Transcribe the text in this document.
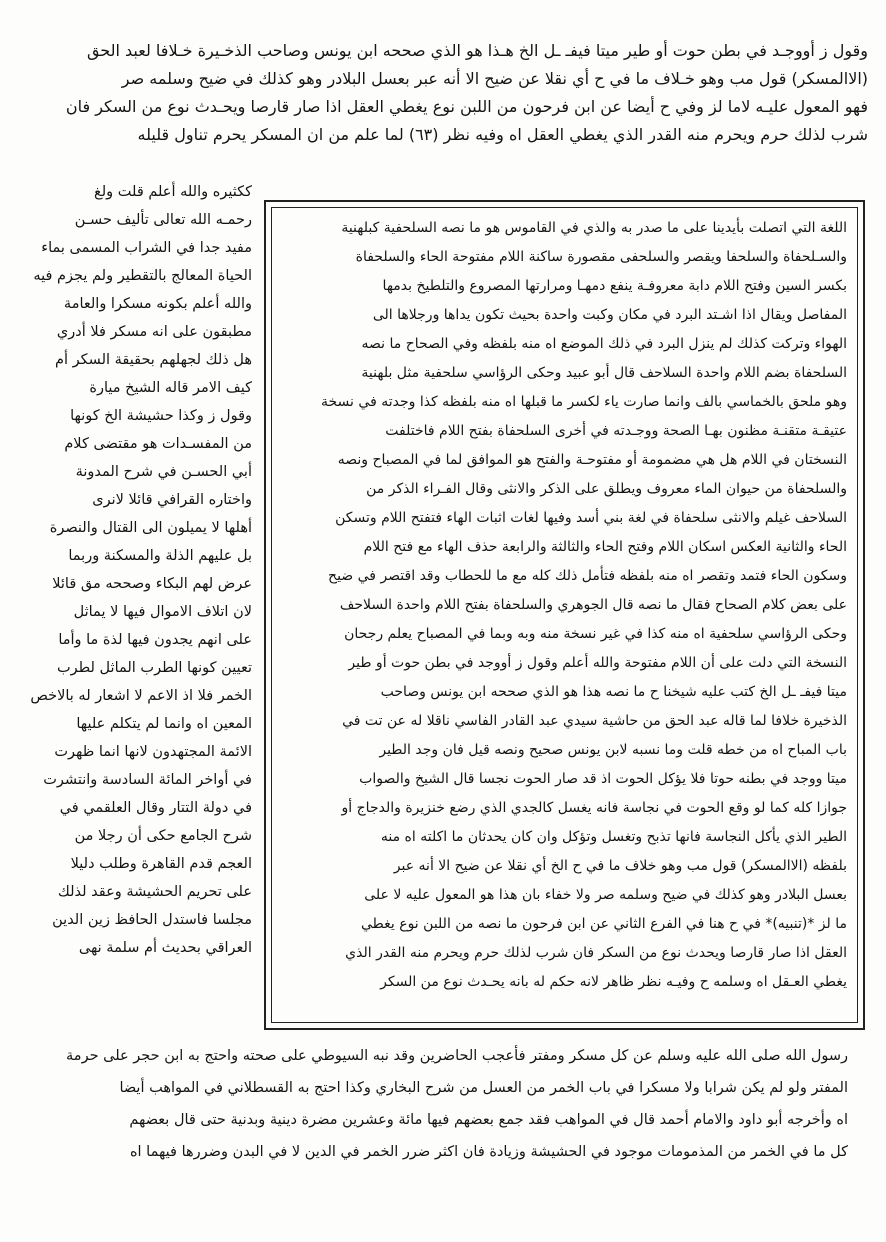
وقول ز أووجـد في بطن حوت أو طير ميتا فيفـ ـل الخ هـذا هو الذي صححه ابن يونس وصاحب الذخـيرة خـلافا لعبد الحق
(الاالمسكر) قول مب وهو خـلاف ما في ح أي نقلا عن ضيح الا أنه عبر بعسل البلادر وهو كذلك في ضيح وسلمه صر
فهو المعول عليـه لاما لز وفي ح أيضا عن ابن فرحون من اللبن نوع يغطي العقل اذا صار قارصا ويحـدث نوع من السكر فان
شرب لذلك حرم ويحرم منه القدر الذي يغطي العقل اه وفيه نظر (٦٣) لما علم من ان المسكر يحرم تناول قليله
ككثيره والله أعلم قلت ولغ
رحمـه الله تعالى تأليف حسـن
مفيد جدا في الشراب المسمى بماء
الحياة المعالج بالتقطير ولم يجزم فيه
والله أعلم بكونه مسكرا والعامة
مطبقون على انه مسكر فلا أدري
هل ذلك لجهلهم بحقيقة السكر أم
كيف الامر قاله الشيخ ميارة
وقول ز وكذا حشيشة الخ كونها
من المفسـدات هو مقتضى كلام
أبي الحسـن في شرح المدونة
واختاره القرافي قائلا لانرى
أهلها لا يميلون الى القتال والنصرة
بل عليهم الذلة والمسكنة وربما
عرض لهم البكاء وصححه مق قائلا
لان اتلاف الاموال فيها لا يماثل
على انهم يجدون فيها لذة ما وأما
تعيين كونها الطرب الماثل لطرب
الخمر فلا اذ الاعم لا اشعار له بالاخص
المعين اه وانما لم يتكلم عليها
الائمة المجتهدون لانها انما ظهرت
في أواخر المائة السادسة وانتشرت
في دولة التتار وقال العلقمي في
شرح الجامع حكى أن رجلا من
العجم قدم القاهرة وطلب دليلا
على تحريم الحشيشة وعقد لذلك
مجلسا فاستدل الحافظ زين الدين
العراقي بحديث أم سلمة نهى
اللغة التي اتصلت بأيدينا على ما صدر به والذي في القاموس هو ما نصه السلحفية كبلهنية
والسـلحفاة والسلحفا ويقصر والسلحفى مقصورة ساكنة اللام مفتوحة الحاء والسلحفاة
بكسر السين وفتح اللام دابة معروفـة ينفع دمهـا ومرارتها المصروع والتلطيخ بدمها
المفاصل ويقال اذا اشـتد البرد في مكان وكبت واحدة بحيث تكون يداها ورجلاها الى
الهواء وتركت كذلك لم ينزل البرد في ذلك الموضع اه منه بلفظه وفي الصحاح ما نصه
السلحفاة بضم اللام واحدة السلاحف قال أبو عبيد وحكى الرؤاسي سلحفية مثل بلهنية
وهو ملحق بالخماسي بالف وانما صارت ياء لكسر ما قبلها اه منه بلفظه كذا وجدته في نسخة
عتيقـة متقنـة مظنون بهـا الصحة ووجـدته في أخرى السلحفاة بفتح اللام فاختلفت
النسختان في اللام هل هي مضمومة أو مفتوحـة والفتح هو الموافق لما في المصباح ونصه
والسلحفاة من حيوان الماء معروف ويطلق على الذكر والانثى وقال الفـراء الذكر من
السلاحف غيلم والانثى سلحفاة في لغة بني أسد وفيها لغات اثبات الهاء فتفتح اللام وتسكن
الحاء والثانية العكس اسكان اللام وفتح الحاء والثالثة والرابعة حذف الهاء مع فتح اللام
وسكون الحاء فتمد وتقصر اه منه بلفظه فتأمل ذلك كله مع ما للحطاب وقد اقتصر في ضيح
على بعض كلام الصحاح فقال ما نصه قال الجوهري والسلحفاة بفتح اللام واحدة السلاحف
وحكى الرؤاسي سلحفية اه منه كذا في غير نسخة منه وبه وبما في المصباح يعلم رجحان
النسخة التي دلت على أن اللام مفتوحة والله أعلم وقول ز أووجد في بطن حوت أو طير
ميتا فيفـ ـل الخ كتب عليه شيخنا ح ما نصه هذا هو الذي صححه ابن يونس وصاحب
الذخيرة خلافا لما قاله عبد الحق من حاشية سيدي عبد القادر الفاسي ناقلا له عن تت في
باب المباح اه من خطه قلت وما نسبه لابن يونس صحيح ونصه قيل فان وجد الطير
ميتا ووجد في بطنه حوتا فلا يؤكل الحوت اذ قد صار الحوت نجسا قال الشيخ والصواب
جوازا كله كما لو وقع الحوت في نجاسة فانه يغسل كالجدي الذي رضع خنزيرة والدجاج أو
الطير الذي يأكل النجاسة فانها تذبح وتغسل وتؤكل وان كان يحدثان ما اكلته اه منه
بلفظه (الاالمسكر) قول مب وهو خلاف ما في ح الخ أي نقلا عن ضيح الا أنه عبر
بعسل البلادر وهو كذلك في ضيح وسلمه صر ولا خفاء بان هذا هو المعول عليه لا على
ما لز *(تنبيه)* في ح هنا في الفرع الثاني عن ابن فرحون ما نصه من اللبن نوع يغطي
العقل اذا صار قارصا ويحدث نوع من السكر فان شرب لذلك حرم ويحرم منه القدر الذي
يغطي العـقل اه وسلمه ح وفيـه نظر ظاهر لانه حكم له بانه يحـدث نوع من السكر
رسول الله صلى الله عليه وسلم عن كل مسكر ومفتر فأعجب الحاضرين وقد نبه السيوطي على صحته واحتج به ابن حجر على حرمة
المفتر ولو لم يكن شرابا ولا مسكرا في باب الخمر من العسل من شرح البخاري وكذا احتج به القسطلاني في المواهب أيضا
اه وأخرجه أبو داود والامام أحمد قال في المواهب فقد جمع بعضهم فيها مائة وعشرين مضرة دينية وبدنية حتى قال بعضهم
كل ما في الخمر من المذمومات موجود في الحشيشة وزيادة فان اكثر ضرر الخمر في الدين لا في البدن وضررها فيهما اه
